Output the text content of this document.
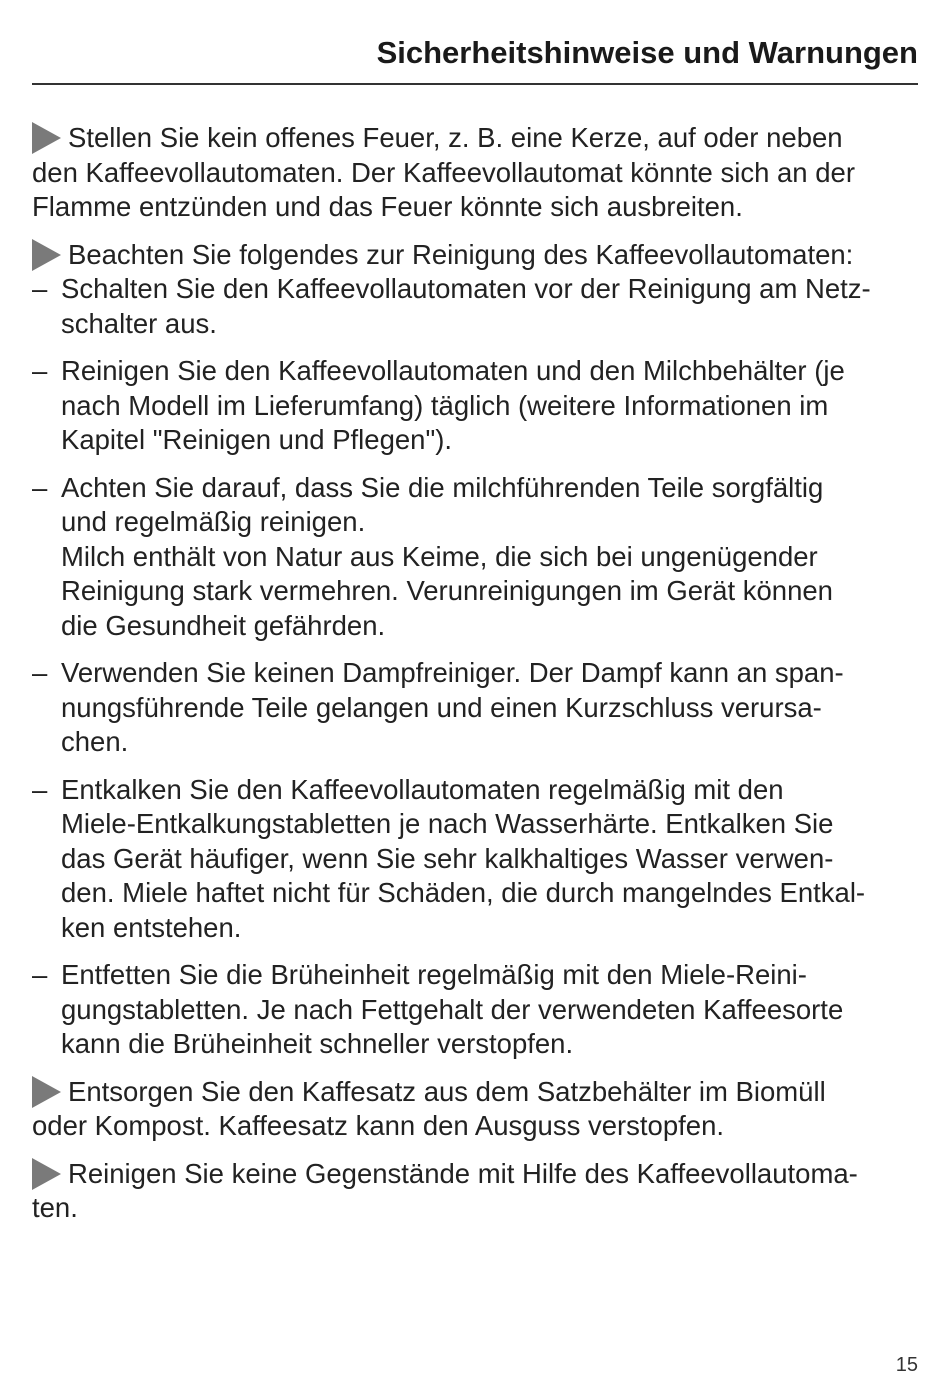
Sicherheitshinweise und Warnungen
Stellen Sie kein offenes Feuer, z. B. eine Kerze, auf oder neben
den Kaffeevollautomaten. Der Kaffeevollautomat könnte sich an der
Flamme entzünden und das Feuer könnte sich ausbreiten.
Beachten Sie folgendes zur Reinigung des Kaffeevollautomaten:
– Schalten Sie den Kaffeevollautomaten vor der Reinigung am Netz-
schalter aus.
– Reinigen Sie den Kaffeevollautomaten und den Milchbehälter (je
nach Modell im Lieferumfang) täglich (weitere Informationen im
Kapitel "Reinigen und Pflegen").
– Achten Sie darauf, dass Sie die milchführenden Teile sorgfältig
und regelmäßig reinigen.
Milch enthält von Natur aus Keime, die sich bei ungenügender
Reinigung stark vermehren. Verunreinigungen im Gerät können
die Gesundheit gefährden.
– Verwenden Sie keinen Dampfreiniger. Der Dampf kann an span-
nungsführende Teile gelangen und einen Kurzschluss verursa-
chen.
– Entkalken Sie den Kaffeevollautomaten regelmäßig mit den
Miele-Entkalkungstabletten je nach Wasserhärte. Entkalken Sie
das Gerät häufiger, wenn Sie sehr kalkhaltiges Wasser verwen-
den. Miele haftet nicht für Schäden, die durch mangelndes Entkal-
ken entstehen.
– Entfetten Sie die Brüheinheit regelmäßig mit den Miele-Reini-
gungstabletten. Je nach Fettgehalt der verwendeten Kaffeesorte
kann die Brüheinheit schneller verstopfen.
Entsorgen Sie den Kaffesatz aus dem Satzbehälter im Biomüll
oder Kompost. Kaffeesatz kann den Ausguss verstopfen.
Reinigen Sie keine Gegenstände mit Hilfe des Kaffeevollautoma-
ten.
15
